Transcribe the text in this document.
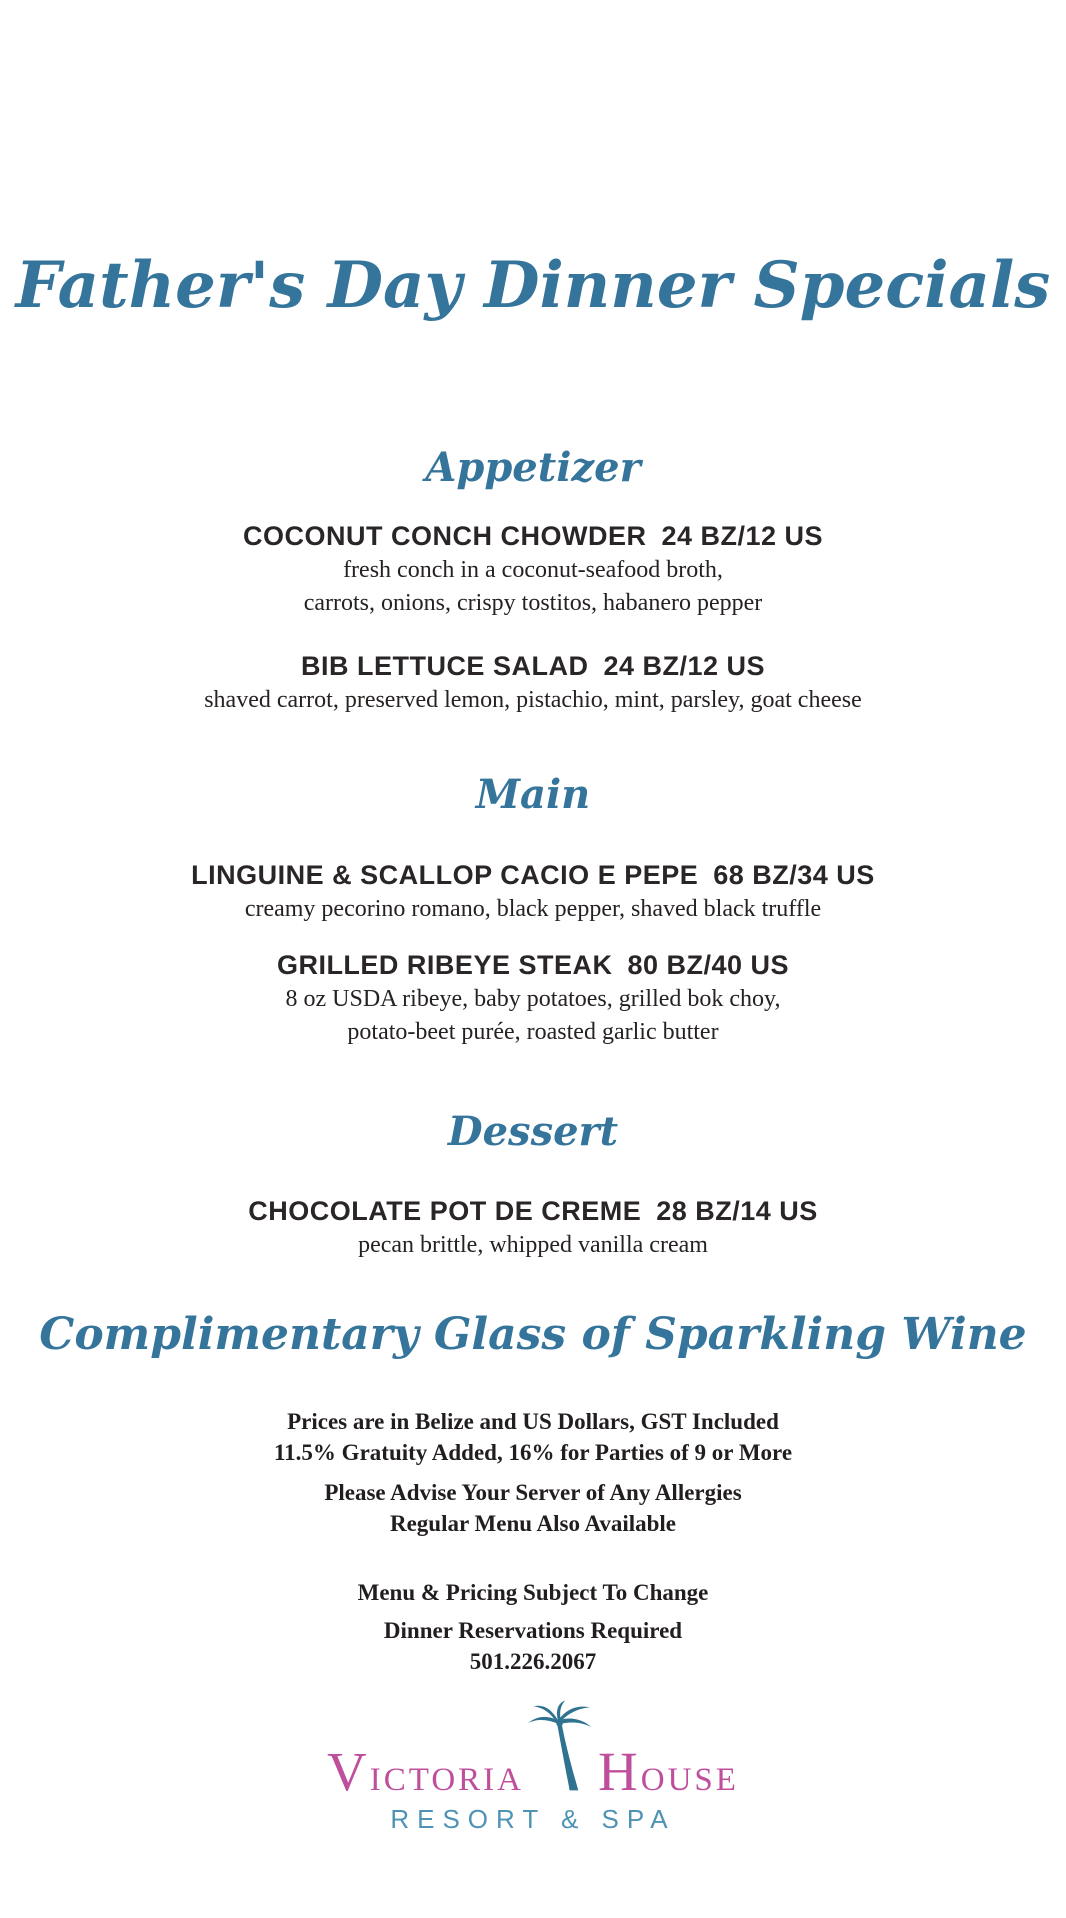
Father's Day Dinner Specials
Appetizer
COCONUT CONCH CHOWDER 24 BZ/12 US
fresh conch in a coconut-seafood broth,
carrots, onions, crispy tostitos, habanero pepper
BIB LETTUCE SALAD 24 BZ/12 US
shaved carrot, preserved lemon, pistachio, mint, parsley, goat cheese
Main
LINGUINE & SCALLOP CACIO E PEPE 68 BZ/34 US
creamy pecorino romano, black pepper, shaved black truffle
GRILLED RIBEYE STEAK 80 BZ/40 US
8 oz USDA ribeye, baby potatoes, grilled bok choy,
potato-beet purée, roasted garlic butter
Dessert
CHOCOLATE POT DE CREME 28 BZ/14 US
pecan brittle, whipped vanilla cream
Complimentary Glass of Sparkling Wine
Prices are in Belize and US Dollars, GST Included
11.5% Gratuity Added, 16% for Parties of 9 or More
Please Advise Your Server of Any Allergies
Regular Menu Also Available
Menu & Pricing Subject To Change
Dinner Reservations Required
501.226.2067
VICTORIA HOUSE
RESORT & SPA
